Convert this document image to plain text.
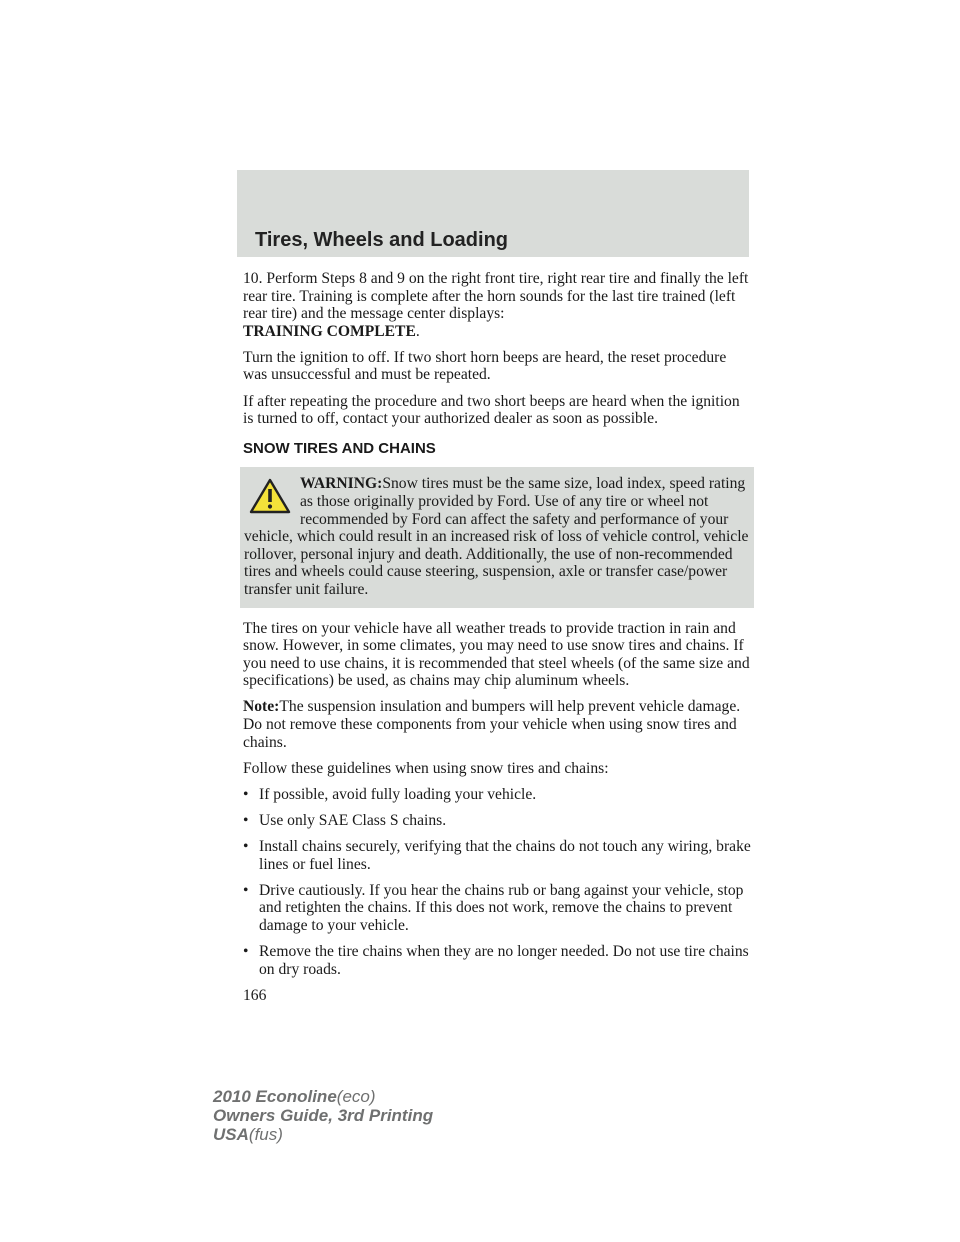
Tires, Wheels and Loading

10. Perform Steps 8 and 9 on the right front tire, right rear tire and finally the left rear tire. Training is complete after the horn sounds for the last tire trained (left rear tire) and the message center displays:
TRAINING COMPLETE.

Turn the ignition to off. If two short horn beeps are heard, the reset procedure was unsuccessful and must be repeated.

If after repeating the procedure and two short beeps are heard when the ignition is turned to off, contact your authorized dealer as soon as possible.

SNOW TIRES AND CHAINS

WARNING:Snow tires must be the same size, load index, speed rating as those originally provided by Ford. Use of any tire or wheel not recommended by Ford can affect the safety and performance of your vehicle, which could result in an increased risk of loss of vehicle control, vehicle rollover, personal injury and death. Additionally, the use of non-recommended tires and wheels could cause steering, suspension, axle or transfer case/power transfer unit failure.

The tires on your vehicle have all weather treads to provide traction in rain and snow. However, in some climates, you may need to use snow tires and chains. If you need to use chains, it is recommended that steel wheels (of the same size and specifications) be used, as chains may chip aluminum wheels.

Note:The suspension insulation and bumpers will help prevent vehicle damage. Do not remove these components from your vehicle when using snow tires and chains.

Follow these guidelines when using snow tires and chains:

• If possible, avoid fully loading your vehicle.
• Use only SAE Class S chains.
• Install chains securely, verifying that the chains do not touch any wiring, brake lines or fuel lines.
• Drive cautiously. If you hear the chains rub or bang against your vehicle, stop and retighten the chains. If this does not work, remove the chains to prevent damage to your vehicle.
• Remove the tire chains when they are no longer needed. Do not use tire chains on dry roads.
166
2010 Econoline(eco)
Owners Guide, 3rd Printing
USA(fus)
